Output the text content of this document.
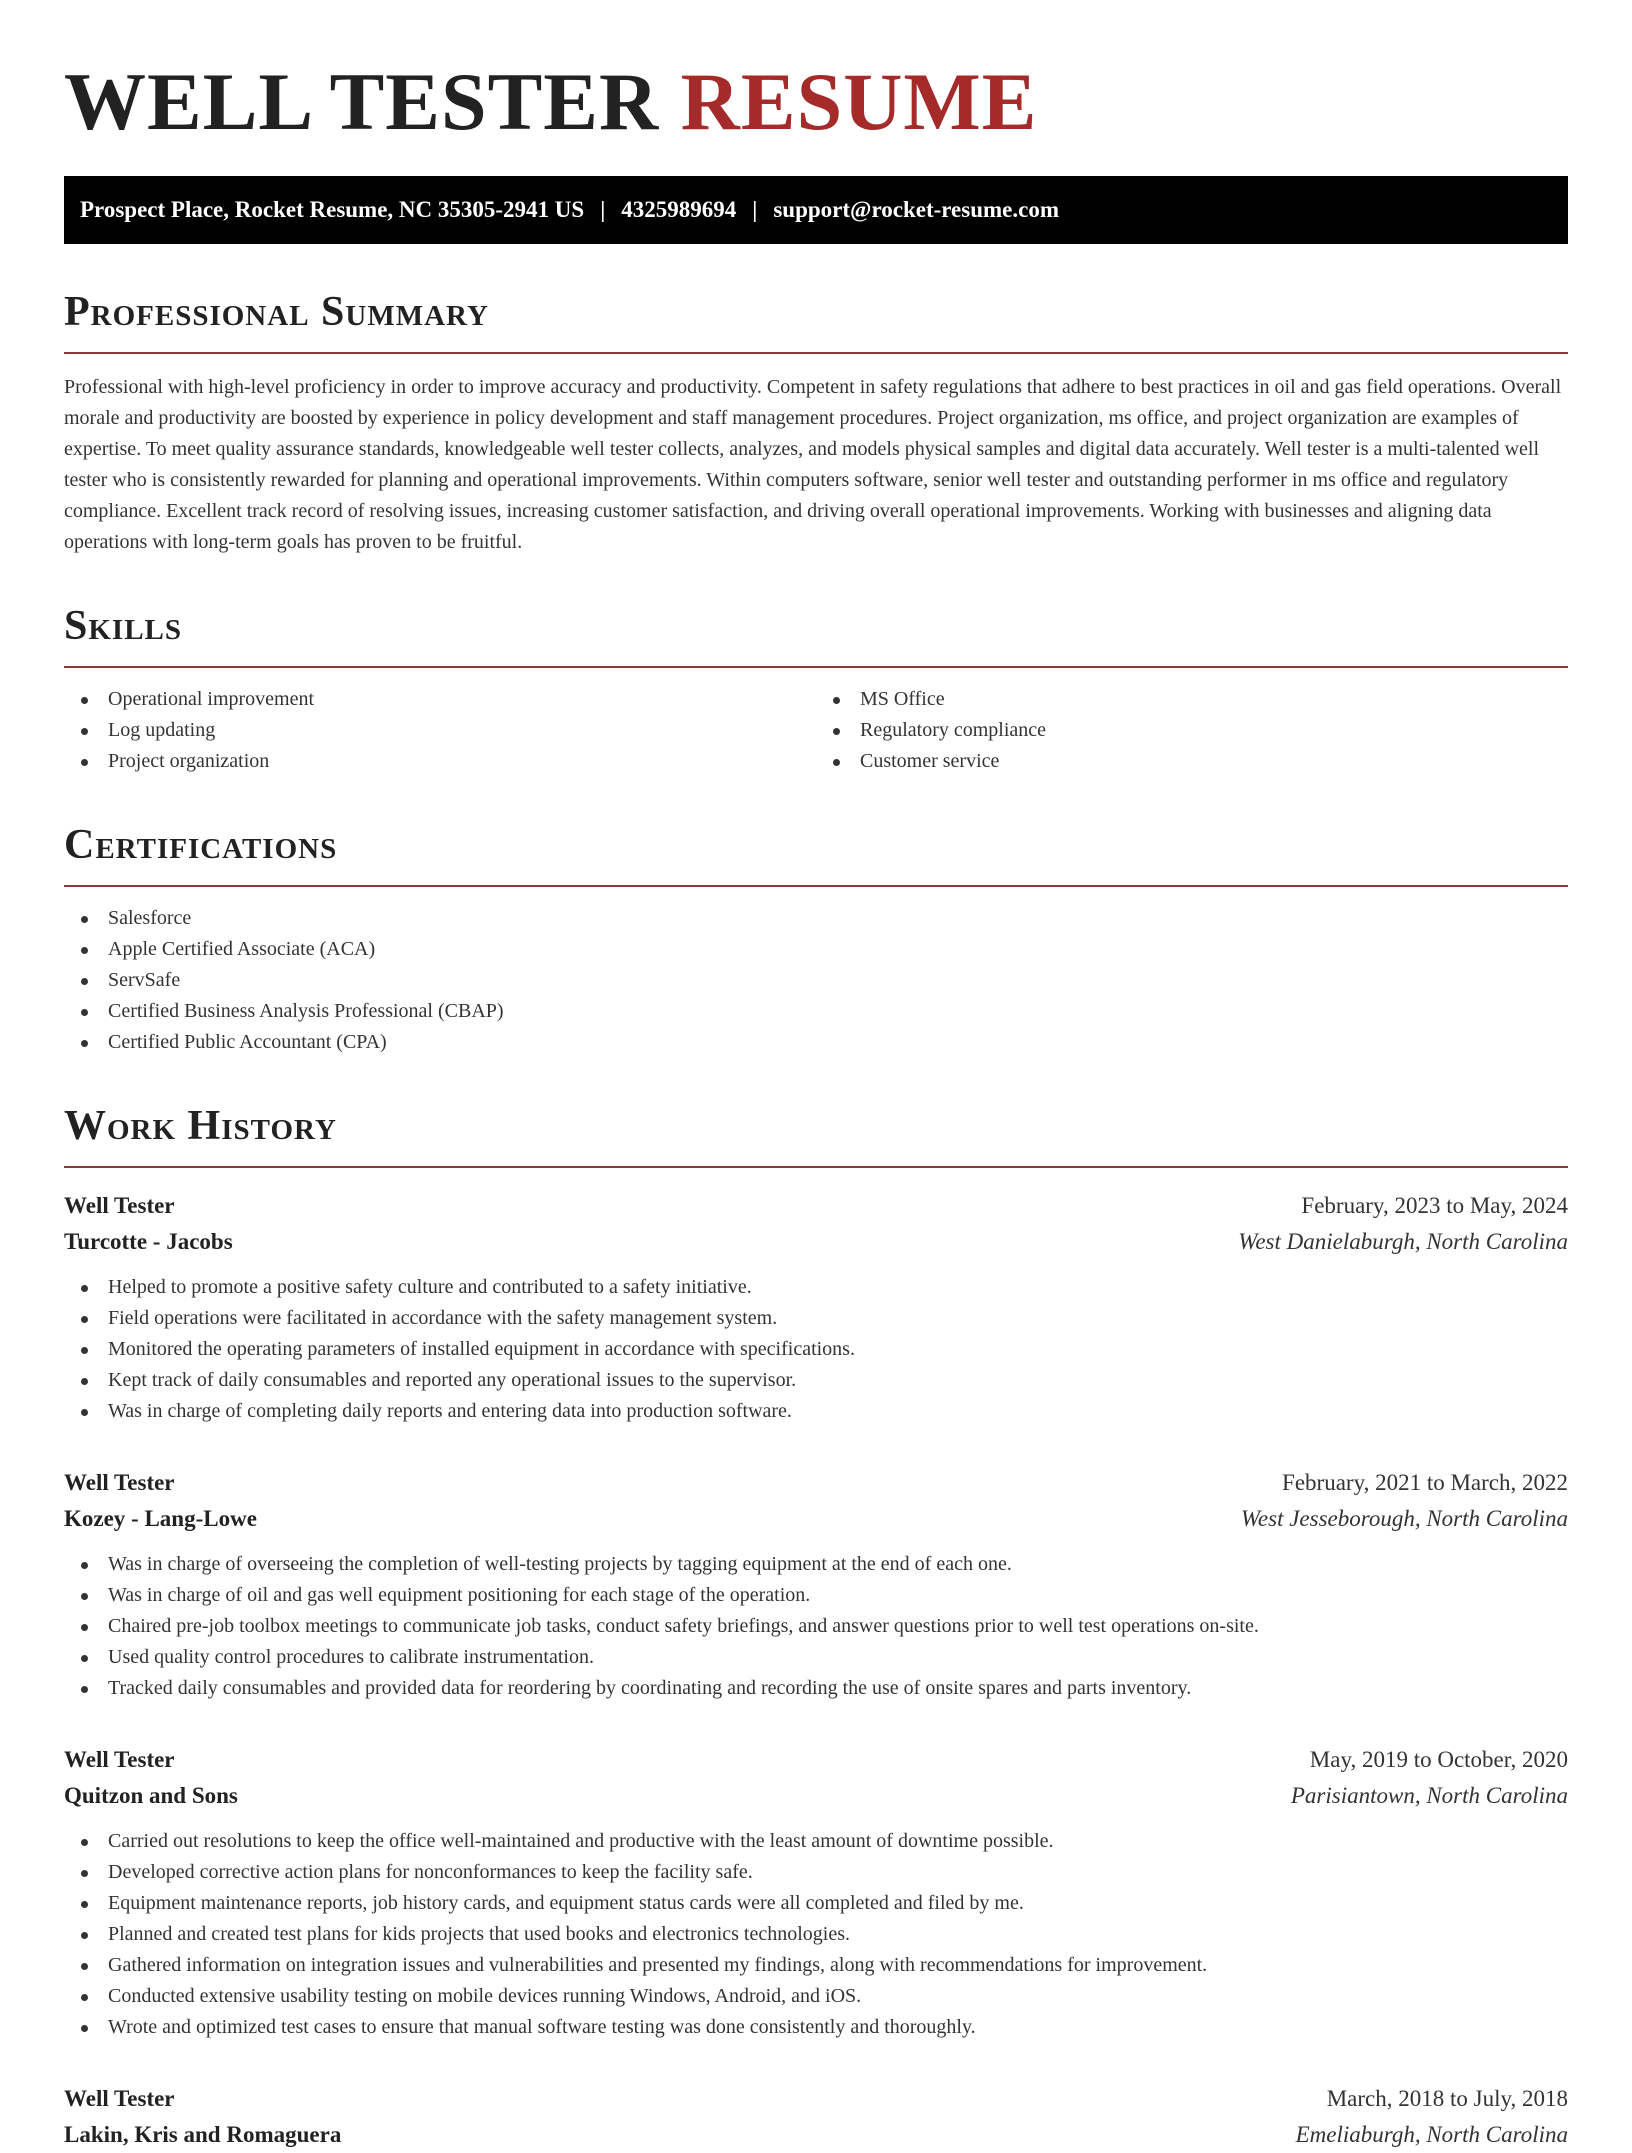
WELL TESTER RESUME
Prospect Place, Rocket Resume, NC 35305-2941 US | 4325989694 | support@rocket-resume.com
Professional Summary

Professional with high-level proficiency in order to improve accuracy and productivity. Competent in safety regulations that adhere to best practices in oil and gas field operations. Overall morale and productivity are boosted by experience in policy development and staff management procedures. Project organization, ms office, and project organization are examples of expertise. To meet quality assurance standards, knowledgeable well tester collects, analyzes, and models physical samples and digital data accurately. Well tester is a multi-talented well tester who is consistently rewarded for planning and operational improvements. Within computers software, senior well tester and outstanding performer in ms office and regulatory compliance. Excellent track record of resolving issues, increasing customer satisfaction, and driving overall operational improvements. Working with businesses and aligning data operations with long-term goals has proven to be fruitful.

Skills
Operational improvement
Log updating
Project organization
MS Office
Regulatory compliance
Customer service
Certifications
Salesforce
Apple Certified Associate (ACA)
ServSafe
Certified Business Analysis Professional (CBAP)
Certified Public Accountant (CPA)
Work History
Well Tester	February, 2023 to May, 2024
Turcotte - Jacobs	West Danielaburgh, North Carolina
Helped to promote a positive safety culture and contributed to a safety initiative.
Field operations were facilitated in accordance with the safety management system.
Monitored the operating parameters of installed equipment in accordance with specifications.
Kept track of daily consumables and reported any operational issues to the supervisor.
Was in charge of completing daily reports and entering data into production software.
Well Tester	February, 2021 to March, 2022
Kozey - Lang-Lowe	West Jesseborough, North Carolina
Was in charge of overseeing the completion of well-testing projects by tagging equipment at the end of each one.
Was in charge of oil and gas well equipment positioning for each stage of the operation.
Chaired pre-job toolbox meetings to communicate job tasks, conduct safety briefings, and answer questions prior to well test operations on-site.
Used quality control procedures to calibrate instrumentation.
Tracked daily consumables and provided data for reordering by coordinating and recording the use of onsite spares and parts inventory.
Well Tester	May, 2019 to October, 2020
Quitzon and Sons	Parisiantown, North Carolina
Carried out resolutions to keep the office well-maintained and productive with the least amount of downtime possible.
Developed corrective action plans for nonconformances to keep the facility safe.
Equipment maintenance reports, job history cards, and equipment status cards were all completed and filed by me.
Planned and created test plans for kids projects that used books and electronics technologies.
Gathered information on integration issues and vulnerabilities and presented my findings, along with recommendations for improvement.
Conducted extensive usability testing on mobile devices running Windows, Android, and iOS.
Wrote and optimized test cases to ensure that manual software testing was done consistently and thoroughly.
Well Tester	March, 2018 to July, 2018
Lakin, Kris and Romaguera	Emeliaburgh, North Carolina
